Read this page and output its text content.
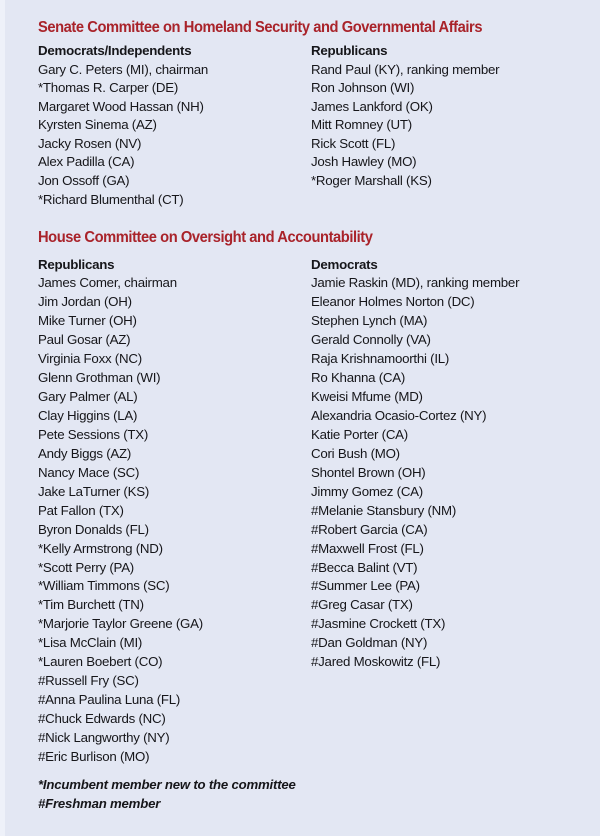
Senate Committee on Homeland Security and Governmental Affairs
Democrats/Independents
Gary C. Peters (MI), chairman
*Thomas R. Carper (DE)
Margaret Wood Hassan (NH)
Kyrsten Sinema (AZ)
Jacky Rosen (NV)
Alex Padilla (CA)
Jon Ossoff (GA)
*Richard Blumenthal (CT)
Republicans
Rand Paul (KY), ranking member
Ron Johnson (WI)
James Lankford (OK)
Mitt Romney (UT)
Rick Scott (FL)
Josh Hawley (MO)
*Roger Marshall (KS)
House Committee on Oversight and Accountability
Republicans
James Comer, chairman
Jim Jordan (OH)
Mike Turner (OH)
Paul Gosar (AZ)
Virginia Foxx (NC)
Glenn Grothman (WI)
Gary Palmer (AL)
Clay Higgins (LA)
Pete Sessions (TX)
Andy Biggs (AZ)
Nancy Mace (SC)
Jake LaTurner (KS)
Pat Fallon (TX)
Byron Donalds (FL)
*Kelly Armstrong (ND)
*Scott Perry (PA)
*William Timmons (SC)
*Tim Burchett (TN)
*Marjorie Taylor Greene (GA)
*Lisa McClain (MI)
*Lauren Boebert (CO)
#Russell Fry (SC)
#Anna Paulina Luna (FL)
#Chuck Edwards (NC)
#Nick Langworthy (NY)
#Eric Burlison (MO)
Democrats
Jamie Raskin (MD), ranking member
Eleanor Holmes Norton (DC)
Stephen Lynch (MA)
Gerald Connolly (VA)
Raja Krishnamoorthi (IL)
Ro Khanna (CA)
Kweisi Mfume (MD)
Alexandria Ocasio-Cortez (NY)
Katie Porter (CA)
Cori Bush (MO)
Shontel Brown (OH)
Jimmy Gomez (CA)
#Melanie Stansbury (NM)
#Robert Garcia (CA)
#Maxwell Frost (FL)
#Becca Balint (VT)
#Summer Lee (PA)
#Greg Casar (TX)
#Jasmine Crockett (TX)
#Dan Goldman (NY)
#Jared Moskowitz (FL)
*Incumbent member new to the committee
#Freshman member
